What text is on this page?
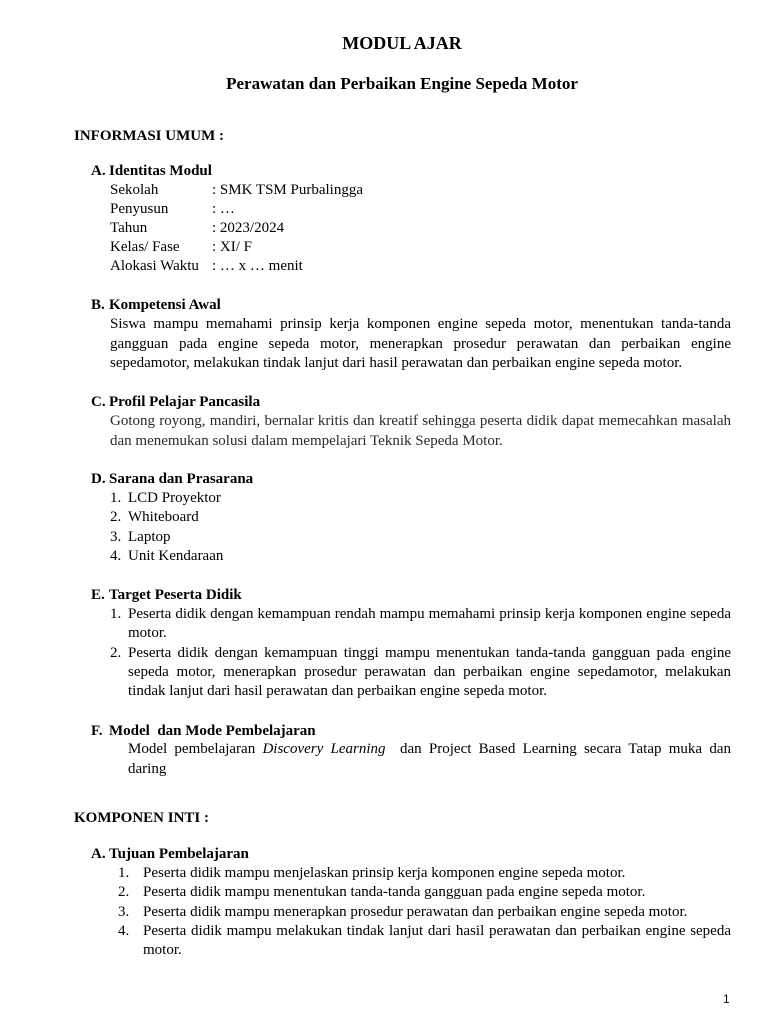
MODUL AJAR
Perawatan dan Perbaikan Engine Sepeda Motor
INFORMASI UMUM :
A. Identitas Modul
Sekolah	: SMK TSM Purbalingga
Penyusun	: …
Tahun	: 2023/2024
Kelas/ Fase : XI/ F
Alokasi Waktu : … x … menit
B. Kompetensi Awal
Siswa mampu memahami prinsip kerja komponen engine sepeda motor, menentukan tanda-tanda gangguan pada engine sepeda motor, menerapkan prosedur perawatan dan perbaikan engine sepedamotor, melakukan tindak lanjut dari hasil perawatan dan perbaikan engine sepeda motor.
C. Profil Pelajar Pancasila
Gotong royong, mandiri, bernalar kritis dan kreatif sehingga peserta didik dapat memecahkan masalah dan menemukan solusi dalam mempelajari Teknik Sepeda Motor.
D. Sarana dan Prasarana
1. LCD Proyektor
2. Whiteboard
3. Laptop
4. Unit Kendaraan
E. Target Peserta Didik
1. Peserta didik dengan kemampuan rendah mampu memahami prinsip kerja komponen engine sepeda motor.
2. Peserta didik dengan kemampuan tinggi mampu menentukan tanda-tanda gangguan pada engine sepeda motor, menerapkan prosedur perawatan dan perbaikan engine sepedamotor, melakukan tindak lanjut dari hasil perawatan dan perbaikan engine sepeda motor.
F. Model  dan Mode Pembelajaran
Model pembelajaran Discovery Learning  dan Project Based Learning secara Tatap muka dan daring
KOMPONEN INTI :
A. Tujuan Pembelajaran
1. Peserta didik mampu menjelaskan prinsip kerja komponen engine sepeda motor.
2. Peserta didik mampu menentukan tanda-tanda gangguan pada engine sepeda motor.
3. Peserta didik mampu menerapkan prosedur perawatan dan perbaikan engine sepeda motor.
4. Peserta didik mampu melakukan tindak lanjut dari hasil perawatan dan perbaikan engine sepeda motor.
1
